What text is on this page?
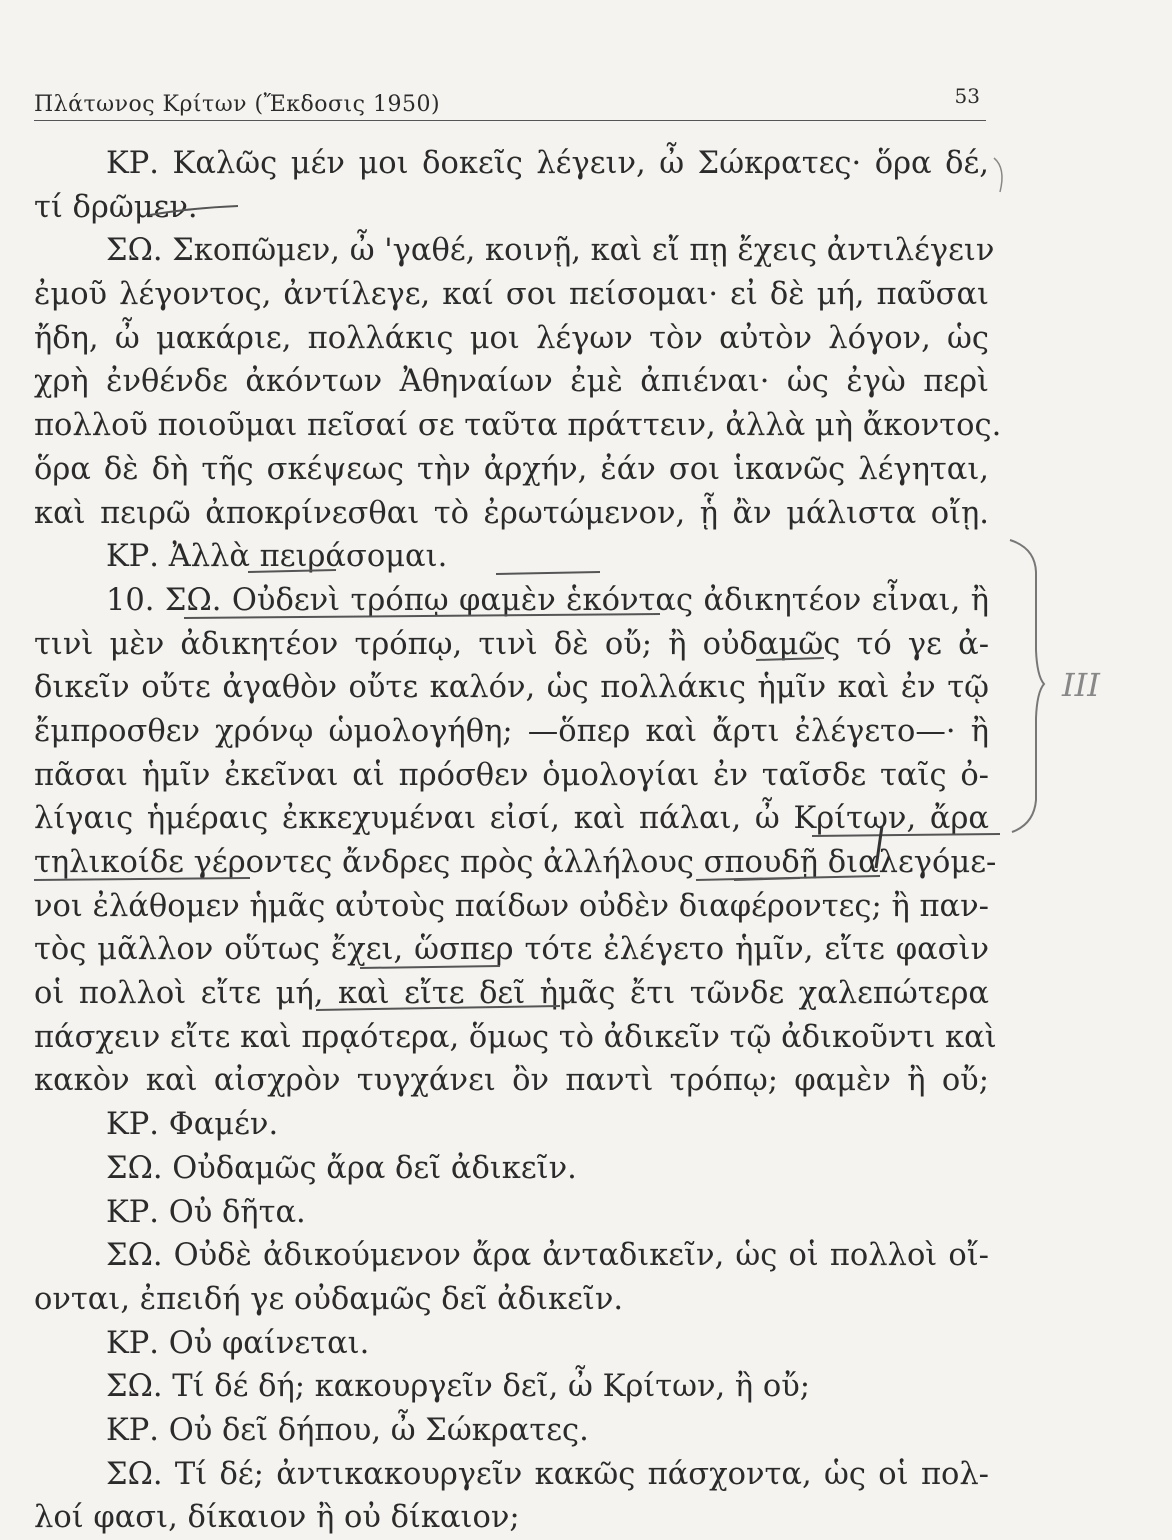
Πλάτωνος Κρίτων (Ἔκδοσις 1950)	53
ΚΡ. Καλῶς μέν μοι δοκεῖς λέγειν, ὦ Σώκρατες· ὅρα δέ,
τί δρῶμεν.
ΣΩ. Σκοπῶμεν, ὦ 'γαθέ, κοινῇ, καὶ εἴ πῃ ἔχεις ἀντιλέγειν
ἐμοῦ λέγοντος, ἀντίλεγε, καί σοι πείσομαι· εἰ δὲ μή, παῦσαι
ἤδη, ὦ μακάριε, πολλάκις μοι λέγων τὸν αὐτὸν λόγον, ὡς
χρὴ ἐνθένδε ἀκόντων Ἀθηναίων ἐμὲ ἀπιέναι· ὡς ἐγὼ περὶ
πολλοῦ ποιοῦμαι πεῖσαί σε ταῦτα πράττειν, ἀλλὰ μὴ ἄκοντος.
ὅρα δὲ δὴ τῆς σκέψεως τὴν ἀρχήν, ἐάν σοι ἱκανῶς λέγηται,
καὶ πειρῶ ἀποκρίνεσθαι τὸ ἐρωτώμενον, ᾗ ἂν μάλιστα οἴῃ.
ΚΡ. Ἀλλὰ πειράσομαι.
10. ΣΩ. Οὐδενὶ τρόπῳ φαμὲν ἑκόντας ἀδικητέον εἶναι, ἢ
τινὶ μὲν ἀδικητέον τρόπῳ, τινὶ δὲ οὔ; ἢ οὐδαμῶς τό γε ἀ-
δικεῖν οὔτε ἀγαθὸν οὔτε καλόν, ὡς πολλάκις ἡμῖν καὶ ἐν τῷ
ἔμπροσθεν χρόνῳ ὡμολογήθη; —ὅπερ καὶ ἄρτι ἐλέγετο—· ἢ
πᾶσαι ἡμῖν ἐκεῖναι αἱ πρόσθεν ὁμολογίαι ἐν ταῖσδε ταῖς ὀ-
λίγαις ἡμέραις ἐκκεχυμέναι εἰσί, καὶ πάλαι, ὦ Κρίτων, ἄρα
τηλικοίδε γέροντες ἄνδρες πρὸς ἀλλήλους σπουδῇ διαλεγόμε-
νοι ἐλάθομεν ἡμᾶς αὐτοὺς παίδων οὐδὲν διαφέροντες; ἢ παν-
τὸς μᾶλλον οὕτως ἔχει, ὥσπερ τότε ἐλέγετο ἡμῖν, εἴτε φασὶν
οἱ πολλοὶ εἴτε μή, καὶ εἴτε δεῖ ἡμᾶς ἔτι τῶνδε χαλεπώτερα
πάσχειν εἴτε καὶ πρᾳότερα, ὅμως τὸ ἀδικεῖν τῷ ἀδικοῦντι καὶ
κακὸν καὶ αἰσχρὸν τυγχάνει ὂν παντὶ τρόπῳ; φαμὲν ἢ οὔ;
ΚΡ. Φαμέν.
ΣΩ. Οὐδαμῶς ἄρα δεῖ ἀδικεῖν.
ΚΡ. Οὐ δῆτα.
ΣΩ. Οὐδὲ ἀδικούμενον ἄρα ἀνταδικεῖν, ὡς οἱ πολλοὶ οἴ-
ονται, ἐπειδή γε οὐδαμῶς δεῖ ἀδικεῖν.
ΚΡ. Οὐ φαίνεται.
ΣΩ. Τί δέ δή; κακουργεῖν δεῖ, ὦ Κρίτων, ἢ οὔ;
ΚΡ. Οὐ δεῖ δήπου, ὦ Σώκρατες.
ΣΩ. Τί δέ; ἀντικακουργεῖν κακῶς πάσχοντα, ὡς οἱ πολ-
λοί φασι, δίκαιον ἢ οὐ δίκαιον;
III
